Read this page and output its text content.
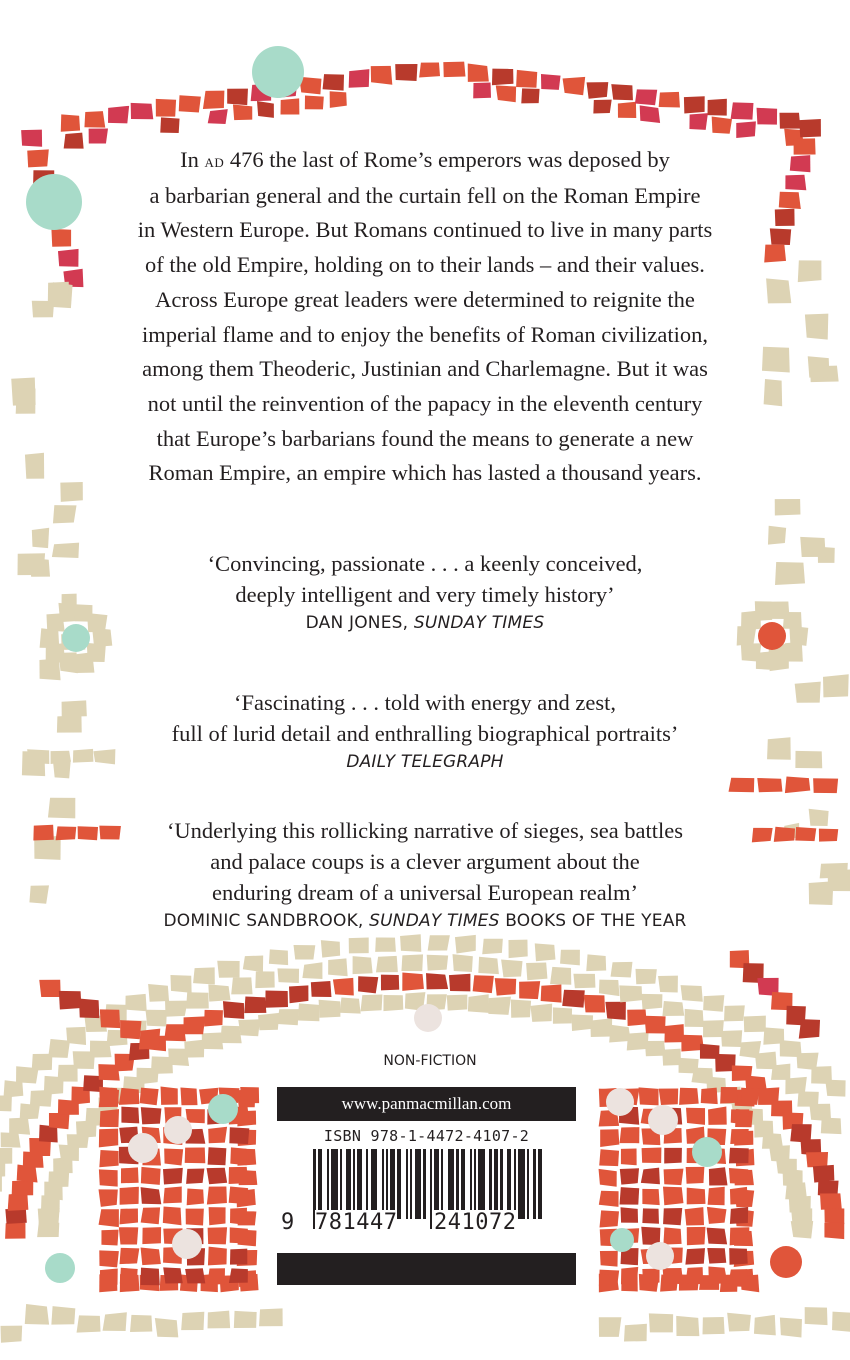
In ad 476 the last of Rome’s emperors was deposed by

a barbarian general and the curtain fell on the Roman Empire

in Western Europe. But Romans continued to live in many parts

of the old Empire, holding on to their lands – and their values.

Across Europe great leaders were determined to reignite the

imperial flame and to enjoy the benefits of Roman civilization,

among them Theoderic, Justinian and Charlemagne. But it was

not until the reinvention of the papacy in the eleventh century

that Europe’s barbarians found the means to generate a new

Roman Empire, an empire which has lasted a thousand years.

‘Convincing, passionate . . . a keenly conceived,

deeply intelligent and very timely history’

DAN JONES, SUNDAY TIMES

‘Fascinating . . . told with energy and zest,

full of lurid detail and enthralling biographical portraits’

DAILY TELEGRAPH

‘Underlying this rollicking narrative of sieges, sea battles

and palace coups is a clever argument about the

enduring dream of a universal European realm’

DOMINIC SANDBROOK, SUNDAY TIMES BOOKS OF THE YEAR
NON-FICTION
www.panmacmillan.com
ISBN 978-1-4472-4107-2
9 781447 241072
